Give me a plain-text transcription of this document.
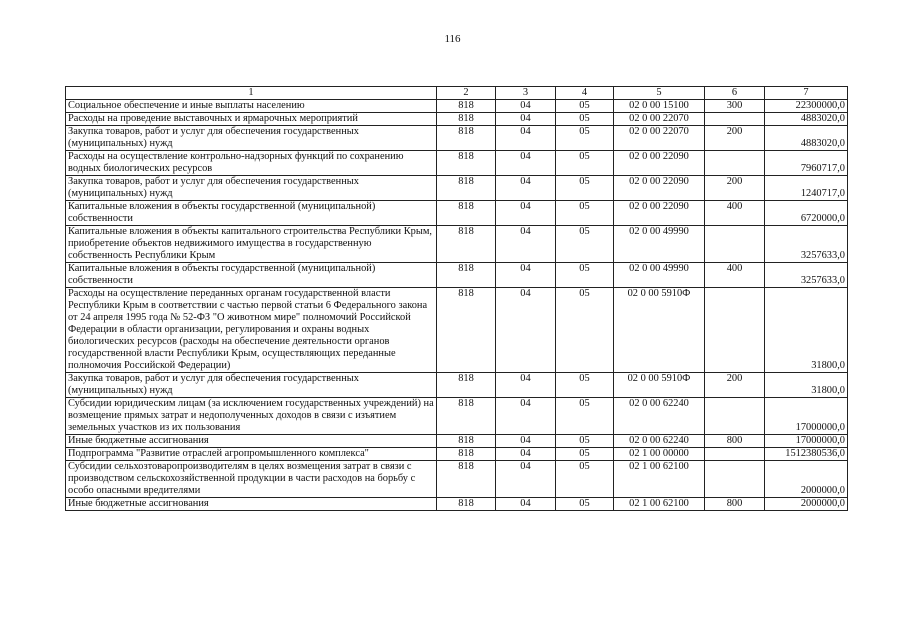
116
1	2	3	4	5	6	7
Социальное обеспечение и иные выплаты населению	818	04	05	02 0 00 15100	300	22300000,0
Расходы на проведение выставочных и ярмарочных мероприятий	818	04	05	02 0 00 22070		4883020,0
Закупка товаров, работ и услуг для обеспечения государственных (муниципальных) нужд	818	04	05	02 0 00 22070	200	4883020,0
Расходы на осуществление контрольно-надзорных функций по сохранению водных биологических ресурсов	818	04	05	02 0 00 22090		7960717,0
Закупка товаров, работ и услуг для обеспечения государственных (муниципальных) нужд	818	04	05	02 0 00 22090	200	1240717,0
Капитальные вложения в объекты государственной (муниципальной) собственности	818	04	05	02 0 00 22090	400	6720000,0
Капитальные вложения в объекты капитального строительства Республики Крым, приобретение объектов недвижимого имущества в государственную собственность Республики Крым	818	04	05	02 0 00 49990		3257633,0
Капитальные вложения в объекты государственной (муниципальной) собственности	818	04	05	02 0 00 49990	400	3257633,0
Расходы на осуществление переданных органам государственной власти Республики Крым в соответствии с частью первой статьи 6 Федерального закона от 24 апреля 1995 года № 52-ФЗ "О животном мире" полномочий Российской Федерации в области организации, регулирования и охраны водных биологических ресурсов (расходы на обеспечение деятельности органов государственной власти Республики Крым, осуществляющих переданные полномочия Российской Федерации)	818	04	05	02 0 00 5910Ф		31800,0
Закупка товаров, работ и услуг для обеспечения государственных (муниципальных) нужд	818	04	05	02 0 00 5910Ф	200	31800,0
Субсидии юридическим лицам (за исключением государственных учреждений) на возмещение прямых затрат и недополученных доходов в связи с изъятием земельных участков из их пользования	818	04	05	02 0 00 62240		17000000,0
Иные бюджетные ассигнования	818	04	05	02 0 00 62240	800	17000000,0
Подпрограмма "Развитие отраслей агропромышленного комплекса"	818	04	05	02 1 00 00000		1512380536,0
Субсидии сельхозтоваропроизводителям в целях возмещения затрат в связи с производством сельскохозяйственной продукции в части расходов на борьбу с особо опасными вредителями	818	04	05	02 1 00 62100		2000000,0
Иные бюджетные ассигнования	818	04	05	02 1 00 62100	800	2000000,0
